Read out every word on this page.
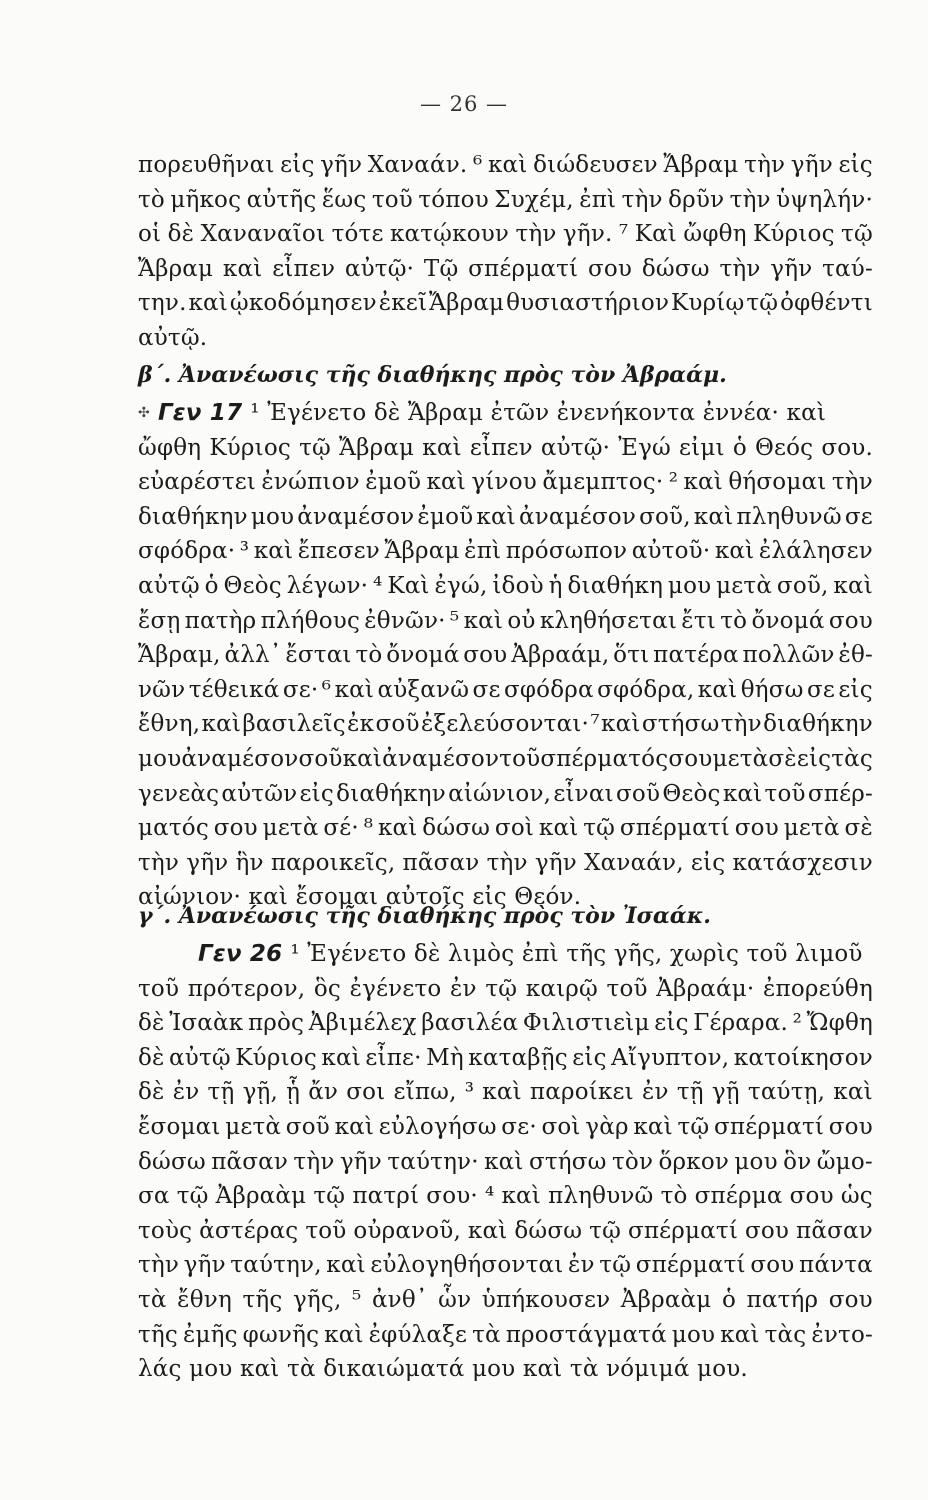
— 26 —
πορευθῆναι εἰς γῆν Χαναάν. ⁶ καὶ διώδευσεν Ἄβραμ τὴν γῆν εἰς
τὸ μῆκος αὐτῆς ἕως τοῦ τόπου Συχέμ, ἐπὶ τὴν δρῦν τὴν ὑψηλήν·
οἱ δὲ Χαναναῖοι τότε κατῴκουν τὴν γῆν. ⁷ Καὶ ὤφθη Κύριος τῷ
Ἄβραμ καὶ εἶπεν αὐτῷ· Τῷ σπέρματί σου δώσω τὴν γῆν ταύ-
την. καὶ ᾠκοδόμησεν ἐκεῖ Ἄβραμ θυσιαστήριον Κυρίῳ τῷ ὀφθέντι
αὐτῷ.
β΄. Ἀνανέωσις τῆς διαθήκης πρὸς τὸν Ἀβραάμ.
✣ Γεν 17 ¹ Ἐγένετο δὲ Ἄβραμ ἐτῶν ἐνενήκοντα ἐννέα· καὶ
ὤφθη Κύριος τῷ Ἄβραμ καὶ εἶπεν αὐτῷ· Ἐγώ εἰμι ὁ Θεός σου.
εὐαρέστει ἐνώπιον ἐμοῦ καὶ γίνου ἄμεμπτος· ² καὶ θήσομαι τὴν
διαθήκην μου ἀναμέσον ἐμοῦ καὶ ἀναμέσον σοῦ, καὶ πληθυνῶ σε
σφόδρα· ³ καὶ ἔπεσεν Ἄβραμ ἐπὶ πρόσωπον αὐτοῦ· καὶ ἐλάλησεν
αὐτῷ ὁ Θεὸς λέγων· ⁴ Καὶ ἐγώ, ἰδοὺ ἡ διαθήκη μου μετὰ σοῦ, καὶ
ἔσῃ πατὴρ πλήθους ἐθνῶν· ⁵ καὶ οὐ κληθήσεται ἔτι τὸ ὄνομά σου
Ἄβραμ, ἀλλ᾿ ἔσται τὸ ὄνομά σου Ἀβραάμ, ὅτι πατέρα πολλῶν ἐθ-
νῶν τέθεικά σε· ⁶ καὶ αὐξανῶ σε σφόδρα σφόδρα, καὶ θήσω σε εἰς
ἔθνη, καὶ βασιλεῖς ἐκ σοῦ ἐξελεύσονται· ⁷ καὶ στήσω τὴν διαθήκην
μου ἀναμέσον σοῦ καὶ ἀναμέσον τοῦ σπέρματός σου μετὰ σὲ εἰς τὰς
γενεὰς αὐτῶν εἰς διαθήκην αἰώνιον, εἶναι σοῦ Θεὸς καὶ τοῦ σπέρ-
ματός σου μετὰ σέ· ⁸ καὶ δώσω σοὶ καὶ τῷ σπέρματί σου μετὰ σὲ
τὴν γῆν ἣν παροικεῖς, πᾶσαν τὴν γῆν Χαναάν, εἰς κατάσχεσιν
αἰώνιον· καὶ ἔσομαι αὐτοῖς εἰς Θεόν.
γ΄. Ἀνανέωσις τῆς διαθήκης πρὸς τὸν Ἰσαάκ.
Γεν 26 ¹ Ἐγένετο δὲ λιμὸς ἐπὶ τῆς γῆς, χωρὶς τοῦ λιμοῦ
τοῦ πρότερον, ὃς ἐγένετο ἐν τῷ καιρῷ τοῦ Ἀβραάμ· ἐπορεύθη
δὲ Ἰσαὰκ πρὸς Ἀβιμέλεχ βασιλέα Φιλιστιεὶμ εἰς Γέραρα. ² Ὤφθη
δὲ αὐτῷ Κύριος καὶ εἶπε· Μὴ καταβῇς εἰς Αἴγυπτον, κατοίκησον
δὲ ἐν τῇ γῇ, ᾗ ἄν σοι εἴπω, ³ καὶ παροίκει ἐν τῇ γῇ ταύτῃ, καὶ
ἔσομαι μετὰ σοῦ καὶ εὐλογήσω σε· σοὶ γὰρ καὶ τῷ σπέρματί σου
δώσω πᾶσαν τὴν γῆν ταύτην· καὶ στήσω τὸν ὅρκον μου ὃν ὤμο-
σα τῷ Ἀβραὰμ τῷ πατρί σου· ⁴ καὶ πληθυνῶ τὸ σπέρμα σου ὡς
τοὺς ἀστέρας τοῦ οὐρανοῦ, καὶ δώσω τῷ σπέρματί σου πᾶσαν
τὴν γῆν ταύτην, καὶ εὐλογηθήσονται ἐν τῷ σπέρματί σου πάντα
τὰ ἔθνη τῆς γῆς, ⁵ ἀνθ᾿ ὧν ὑπήκουσεν Ἀβραὰμ ὁ πατήρ σου
τῆς ἐμῆς φωνῆς καὶ ἐφύλαξε τὰ προστάγματά μου καὶ τὰς ἐντο-
λάς μου καὶ τὰ δικαιώματά μου καὶ τὰ νόμιμά μου.
